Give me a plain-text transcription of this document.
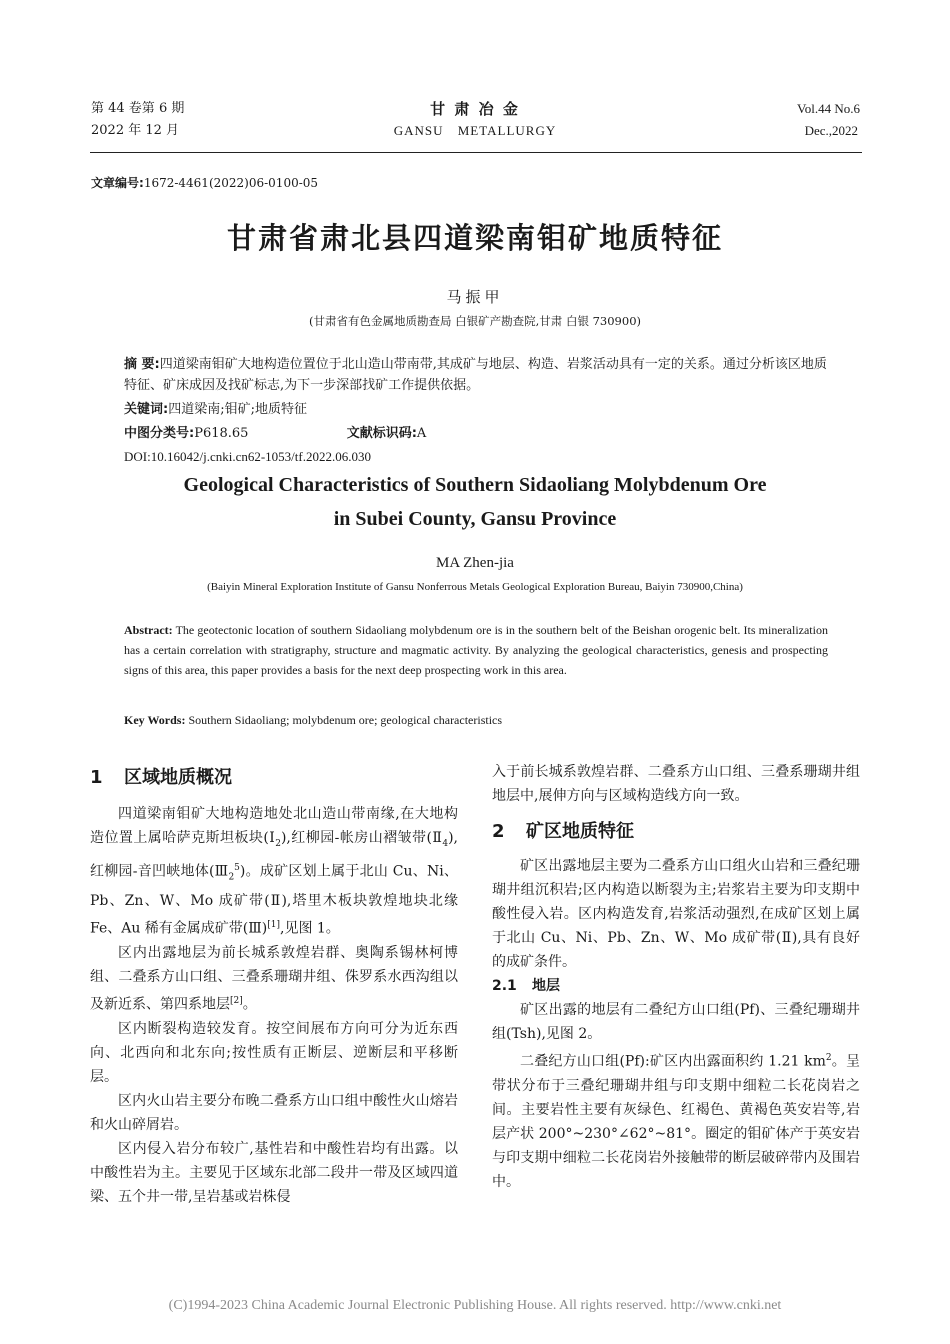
第 44 卷第 6 期
2022 年 12 月
甘 肃 冶 金
GANSU METALLURGY
Vol.44 No.6
Dec.,2022
文章编号:1672-4461(2022)06-0100-05
甘肃省肃北县四道梁南钼矿地质特征
马振甲
(甘肃省有色金属地质勘查局 白银矿产勘查院,甘肃 白银 730900)
摘 要:四道梁南钼矿大地构造位置位于北山造山带南带,其成矿与地层、构造、岩浆活动具有一定的关系。通过分析该区地质特征、矿床成因及找矿标志,为下一步深部找矿工作提供依据。
关键词:四道梁南;钼矿;地质特征
中图分类号:P618.65	文献标识码:A
DOI:10.16042/j.cnki.cn62-1053/tf.2022.06.030
Geological Characteristics of Southern Sidaoliang Molybdenum Ore
in Subei County, Gansu Province
MA Zhen-jia
(Baiyin Mineral Exploration Institute of Gansu Nonferrous Metals Geological Exploration Bureau, Baiyin 730900,China)
Abstract: The geotectonic location of southern Sidaoliang molybdenum ore is in the southern belt of the Beishan orogenic belt. Its mineralization has a certain correlation with stratigraphy, structure and magmatic activity. By analyzing the geological characteristics, genesis and prospecting signs of this area, this paper provides a basis for the next deep prospecting work in this area.
Key Words: Southern Sidaoliang; molybdenum ore; geological characteristics
1 区域地质概况

四道梁南钼矿大地构造地处北山造山带南缘,在大地构造位置上属哈萨克斯坦板块$(Ⅰ_2)$,红柳园-帐房山褶皱带$(Ⅱ_4)$,红柳园-音凹峡地体$(Ⅲ_2^5)$。成矿区划上属于北山 Cu、Ni、Pb、Zn、W、Mo 成矿带(Ⅱ),塔里木板块敦煌地块北缘 Fe、Au 稀有金属成矿带(Ⅲ)[1],见图 1。

区内出露地层为前长城系敦煌岩群、奥陶系锡林柯博组、二叠系方山口组、三叠系珊瑚井组、侏罗系水西沟组以及新近系、第四系地层[2]。

区内断裂构造较发育。按空间展布方向可分为近东西向、北西向和北东向;按性质有正断层、逆断层和平移断层。

区内火山岩主要分布晚二叠系方山口组中酸性火山熔岩和火山碎屑岩。

区内侵入岩分布较广,基性岩和中酸性岩均有出露。以中酸性岩为主。主要见于区域东北部二段井一带及区域四道梁、五个井一带,呈岩基或岩株侵

入于前长城系敦煌岩群、二叠系方山口组、三叠系珊瑚井组地层中,展伸方向与区域构造线方向一致。

2 矿区地质特征

矿区出露地层主要为二叠系方山口组火山岩和三叠纪珊瑚井组沉积岩;区内构造以断裂为主;岩浆岩主要为印支期中酸性侵入岩。区内构造发育,岩浆活动强烈,在成矿区划上属于北山 Cu、Ni、Pb、Zn、W、Mo 成矿带(Ⅱ),具有良好的成矿条件。

2.1 地层

矿区出露的地层有二叠纪方山口组(Pf)、三叠纪珊瑚井组(Tsh),见图 2。

二叠纪方山口组(Pf):矿区内出露面积约 1.21 $km^2$。呈带状分布于三叠纪珊瑚井组与印支期中细粒二长花岗岩之间。主要岩性主要有灰绿色、红褐色、黄褐色英安岩等,岩层产状 200°~230°∠62°~81°。圈定的钼矿体产于英安岩与印支期中细粒二长花岗岩外接触带的断层破碎带内及围岩中。

(C)1994-2023 China Academic Journal Electronic Publishing House. All rights reserved. http://www.cnki.net
